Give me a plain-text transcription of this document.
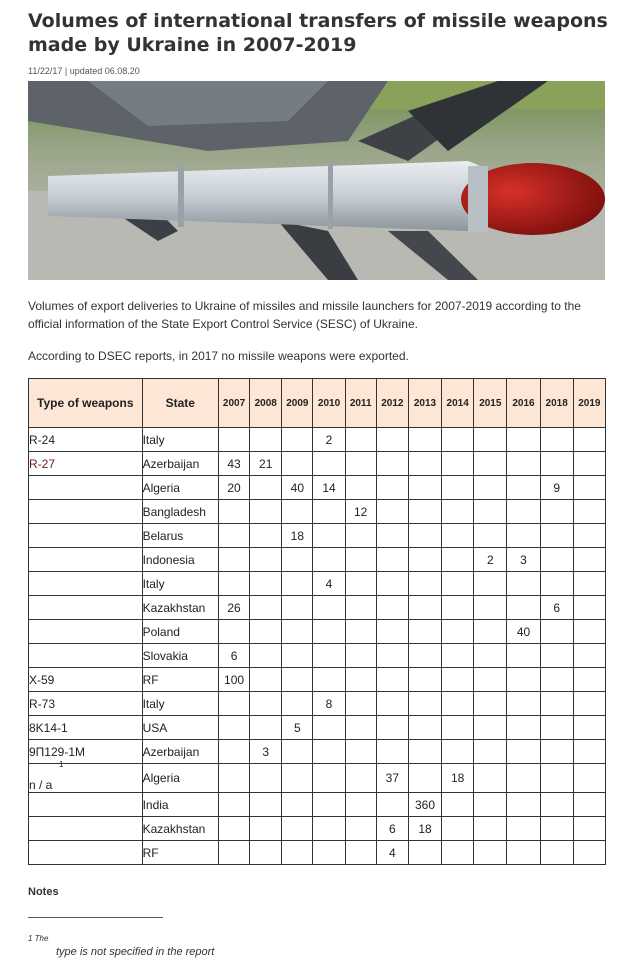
Volumes of international transfers of missile weapons made by Ukraine in 2007-2019
11/22/17 | updated 06.08.20

Volumes of export deliveries to Ukraine of missiles and missile launchers for 2007-2019 according to the official information of the State Export Control Service (SESC) of Ukraine.

According to DSEC reports, in 2017 no missile weapons were exported.

Type of weapons	State	2007	2008	2009	2010	2011	2012	2013	2014	2015	2016	2018	2019
R-24	Italy				2								
R-27	Azerbaijan	43	21										
	Algeria	20		40	14							9	
	Bangladesh					12							
	Belarus			18									
	Indonesia									2	3		
	Italy				4								
	Kazakhstan	26										6	
	Poland										40		
	Slovakia	6											
X-59	RF	100											
R-73	Italy				8								
8K14-1	USA			5									
9П129-1M	Azerbaijan		3										
$^1$
n / a	Algeria						37		18				
	India							360					
	Kazakhstan						6	18					
	RF						4						
Notes
1 The
type is not specified in the report
